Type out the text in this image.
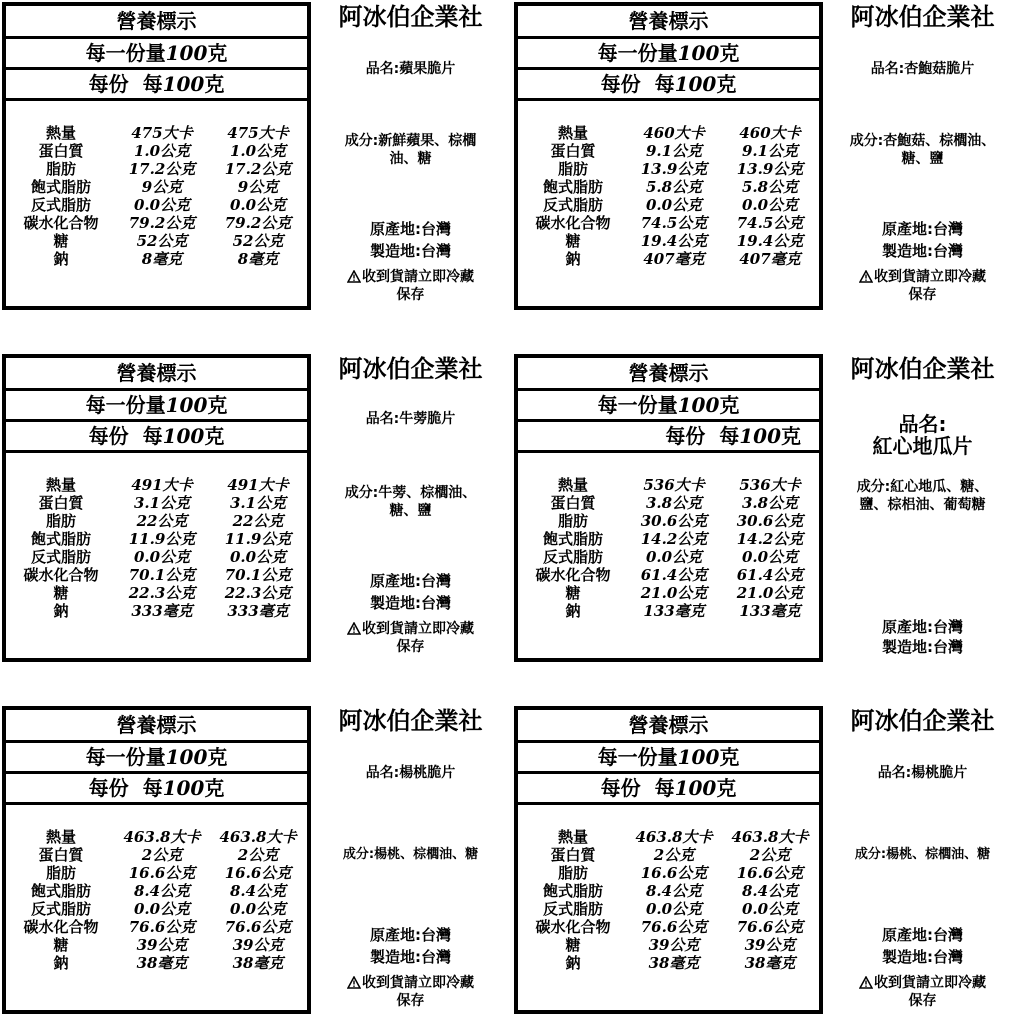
營養標示
每一份量100克
每份 每100克
熱量	475大卡	475大卡
蛋白質	1.0公克	1.0公克
脂肪	17.2公克	17.2公克
飽式脂肪	9公克	9公克
反式脂肪	0.0公克	0.0公克
碳水化合物	79.2公克	79.2公克
糖	52公克	52公克
鈉	8毫克	8毫克
阿冰伯企業社
品名:蘋果脆片
成分:新鮮蘋果、棕櫚
油、糖
原產地:台灣
製造地:台灣
收到貨請立即冷藏
保存
營養標示
每一份量100克
每份 每100克
熱量	460大卡	460大卡
蛋白質	9.1公克	9.1公克
脂肪	13.9公克	13.9公克
飽式脂肪	5.8公克	5.8公克
反式脂肪	0.0公克	0.0公克
碳水化合物	74.5公克	74.5公克
糖	19.4公克	19.4公克
鈉	407毫克	407毫克
阿冰伯企業社
品名:杏鮑菇脆片
成分:杏鮑菇、棕櫚油、
糖、鹽
原產地:台灣
製造地:台灣
收到貨請立即冷藏
保存
營養標示
每一份量100克
每份 每100克
熱量	491大卡	491大卡
蛋白質	3.1公克	3.1公克
脂肪	22公克	22公克
飽式脂肪	11.9公克	11.9公克
反式脂肪	0.0公克	0.0公克
碳水化合物	70.1公克	70.1公克
糖	22.3公克	22.3公克
鈉	333毫克	333毫克
阿冰伯企業社
品名:牛蒡脆片
成分:牛蒡、棕櫚油、
糖、鹽
原產地:台灣
製造地:台灣
收到貨請立即冷藏
保存
營養標示
每一份量100克
每份 每100克
熱量	536大卡	536大卡
蛋白質	3.8公克	3.8公克
脂肪	30.6公克	30.6公克
飽式脂肪	14.2公克	14.2公克
反式脂肪	0.0公克	0.0公克
碳水化合物	61.4公克	61.4公克
糖	21.0公克	21.0公克
鈉	133毫克	133毫克
阿冰伯企業社
品名:
紅心地瓜片
成分:紅心地瓜、糖、
鹽、棕梠油、葡萄糖
原產地:台灣
製造地:台灣
營養標示
每一份量100克
每份 每100克
熱量	463.8大卡	463.8大卡
蛋白質	2公克	2公克
脂肪	16.6公克	16.6公克
飽式脂肪	8.4公克	8.4公克
反式脂肪	0.0公克	0.0公克
碳水化合物	76.6公克	76.6公克
糖	39公克	39公克
鈉	38毫克	38毫克
阿冰伯企業社
品名:楊桃脆片
成分:楊桃、棕櫚油、糖
原產地:台灣
製造地:台灣
收到貨請立即冷藏
保存
營養標示
每一份量100克
每份 每100克
熱量	463.8大卡	463.8大卡
蛋白質	2公克	2公克
脂肪	16.6公克	16.6公克
飽式脂肪	8.4公克	8.4公克
反式脂肪	0.0公克	0.0公克
碳水化合物	76.6公克	76.6公克
糖	39公克	39公克
鈉	38毫克	38毫克
阿冰伯企業社
品名:楊桃脆片
成分:楊桃、棕櫚油、糖
原產地:台灣
製造地:台灣
收到貨請立即冷藏
保存
